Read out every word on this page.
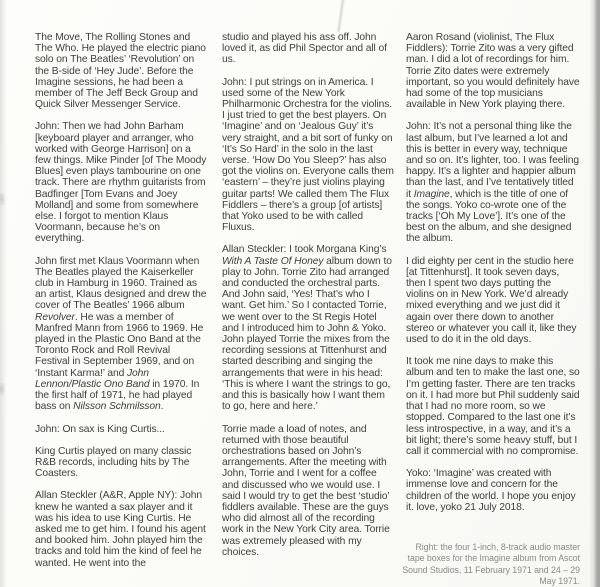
The Move, The Rolling Stones and The Who. He played the electric piano solo on The Beatles’ ‘Revolution’ on the B-side of ‘Hey Jude’. Before the Imagine sessions, he had been a member of The Jeff Beck Group and Quick Silver Messenger Service.

John: Then we had John Barham [keyboard player and arranger, who worked with George Harrison] on a few things. Mike Pinder [of The Moody Blues] even plays tambourine on one track. There are rhythm guitarists from Badfinger [Tom Evans and Joey Molland] and some from somewhere else. I forgot to mention Klaus Voormann, because he’s on everything.

John first met Klaus Voormann when The Beatles played the Kaiserkeller club in Hamburg in 1960. Trained as an artist, Klaus designed and drew the cover of The Beatles’ 1966 album Revolver. He was a member of Manfred Mann from 1966 to 1969. He played in the Plastic Ono Band at the Toronto Rock and Roll Revival Festival in September 1969, and on ‘Instant Karma!’ and John Lennon/Plastic Ono Band in 1970. In the first half of 1971, he had played bass on Nilsson Schmilsson.

John: On sax is King Curtis...

King Curtis played on many classic R&B records, including hits by The Coasters.

Allan Steckler (A&R, Apple NY): John knew he wanted a sax player and it was his idea to use King Curtis. He asked me to get him. I found his agent and booked him. John played him the tracks and told him the kind of feel he wanted. He went into the

studio and played his ass off. John loved it, as did Phil Spector and all of us.

John: I put strings on in America. I used some of the New York Philharmonic Orchestra for the violins. I just tried to get the best players. On ‘Imagine’ and on ‘Jealous Guy’ it’s very straight, and a bit sort of funky on ‘It’s So Hard’ in the solo in the last verse. ‘How Do You Sleep?’ has also got the violins on. Everyone calls them ‘eastern’ – they’re just violins playing guitar parts! We called them The Flux Fiddlers – there’s a group [of artists] that Yoko used to be with called Fluxus.

Allan Steckler: I took Morgana King’s With A Taste Of Honey album down to play to John. Torrie Zito had arranged and conducted the orchestral parts. And John said, ‘Yes! That’s who I want. Get him.’ So I contacted Torrie, we went over to the St Regis Hotel and I introduced him to John & Yoko. John played Torrie the mixes from the recording sessions at Tittenhurst and started describing and singing the arrangements that were in his head: ‘This is where I want the strings to go, and this is basically how I want them to go, here and here.’

Torrie made a load of notes, and returned with those beautiful orchestrations based on John’s arrangements. After the meeting with John, Torrie and I went for a coffee and discussed who we would use. I said I would try to get the best ‘studio’ fiddlers available. These are the guys who did almost all of the recording work in the New York City area. Torrie was extremely pleased with my choices.

Aaron Rosand (violinist, The Flux Fiddlers): Torrie Zito was a very gifted man. I did a lot of recordings for him. Torrie Zito dates were extremely important, so you would definitely have had some of the top musicians available in New York playing there.

John: It’s not a personal thing like the last album, but I’ve learned a lot and this is better in every way, technique and so on. It’s lighter, too. I was feeling happy. It’s a lighter and happier album than the last, and I’ve tentatively titled it Imagine, which is the title of one of the songs. Yoko co-wrote one of the tracks [‘Oh My Love’]. It’s one of the best on the album, and she designed the album.

I did eighty per cent in the studio here [at Tittenhurst]. It took seven days, then I spent two days putting the violins on in New York. We’d already mixed everything and we just did it again over there down to another stereo or whatever you call it, like they used to do it in the old days.

It took me nine days to make this album and ten to make the last one, so I’m getting faster. There are ten tracks on it. I had more but Phil suddenly said that I had no more room, so we stopped. Compared to the last one it’s less introspective, in a way, and it’s a bit light; there’s some heavy stuff, but I call it commercial with no compromise.

Yoko: ‘Imagine’ was created with immense love and concern for the children of the world. I hope you enjoy it. love, yoko 21 July 2018.

Right: the four 1-inch, 8-track audio master tape boxes for the Imagine album from Ascot Sound Studios, 11 February 1971 and 24 – 29 May 1971.
